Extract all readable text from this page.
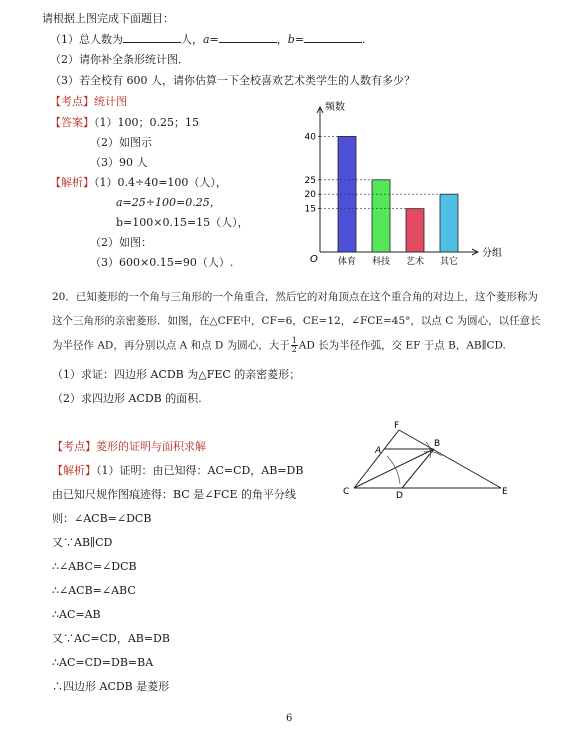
请根据上图完成下面题目：
（1）总人数为	人，a=	，b=	.
（2）请你补全条形统计图．
（3）若全校有 600 人，请你估算一下全校喜欢艺术类学生的人数有多少？
【考点】统计图
【答案】（1）100；0.25；15
（2）如图示
（3）90 人
【解析】（1）0.4÷40=100（人），
a=25÷100=0.25，
b=100×0.15=15（人），
（2）如图：
（3）600×0.15=90（人）.
频数
分组
O 体育 科技 艺术 其它
40
25
20
15
20．已知菱形的一个角与三角形的一个角重合，然后它的对角顶点在这个重合角的对边上，这个菱形称为
这个三角形的亲密菱形．如图，在△CFE中，CF=6，CE=12，∠FCE=45°，以点 C 为圆心，以任意长
为半径作 AD，再分别以点 A 和点 D 为圆心，大于 $\frac{1}{2}$ AD 长为半径作弧，交 EF 于点 B，AB∥CD.
（1）求证：四边形 ACDB 为△FEC 的亲密菱形；
（2）求四边形 ACDB 的面积.
【考点】菱形的证明与面积求解
【解析】（1）证明：由已知得：AC=CD，AB=DB
由已知尺规作图痕迹得：BC 是∠FCE 的角平分线
则：∠ACB=∠DCB
又∵AB∥CD
∴∠ABC=∠DCB
∴∠ACB=∠ABC
∴AC=AB
又∵AC=CD，AB=DB
∴AC=CD=DB=BA
∴四边形 ACDB 是菱形
F
A
B
C	D	E
6
